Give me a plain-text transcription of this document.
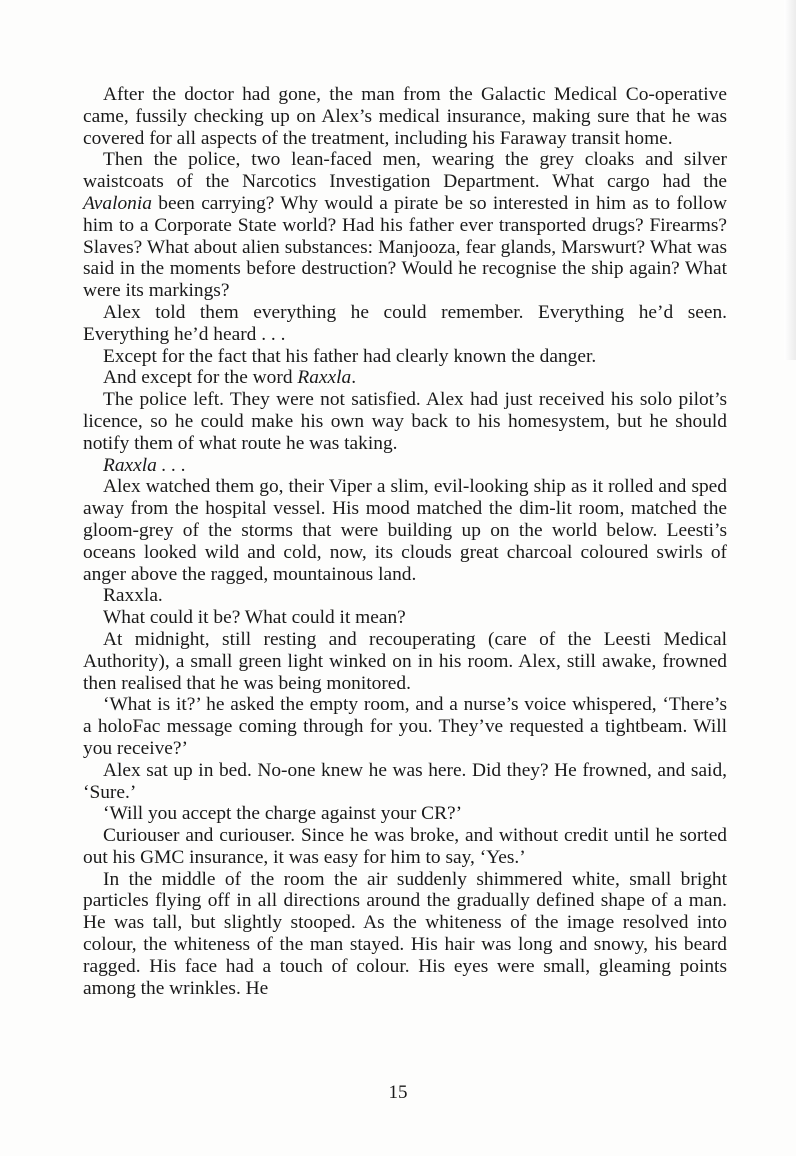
After the doctor had gone, the man from the Galactic Medical Co-operative came, fussily checking up on Alex’s medical insurance, making sure that he was covered for all aspects of the treatment, including his Faraway transit home.

Then the police, two lean-faced men, wearing the grey cloaks and silver waistcoats of the Narcotics Investigation Department. What cargo had the Avalonia been carrying? Why would a pirate be so interested in him as to follow him to a Corporate State world? Had his father ever transported drugs? Firearms? Slaves? What about alien substances: Manjooza, fear glands, Marswurt? What was said in the moments before destruction? Would he recognise the ship again? What were its markings?

Alex told them everything he could remember. Everything he’d seen. Everything he’d heard . . .

Except for the fact that his father had clearly known the danger.

And except for the word Raxxla.

The police left. They were not satisfied. Alex had just received his solo pilot’s licence, so he could make his own way back to his homesystem, but he should notify them of what route he was taking.

Raxxla . . .

Alex watched them go, their Viper a slim, evil-looking ship as it rolled and sped away from the hospital vessel. His mood matched the dim-lit room, matched the gloom-grey of the storms that were building up on the world below. Leesti’s oceans looked wild and cold, now, its clouds great charcoal coloured swirls of anger above the ragged, mountainous land.

Raxxla.

What could it be? What could it mean?

At midnight, still resting and recouperating (care of the Leesti Medical Authority), a small green light winked on in his room. Alex, still awake, frowned then realised that he was being monitored.

‘What is it?’ he asked the empty room, and a nurse’s voice whispered, ‘There’s a holoFac message coming through for you. They’ve requested a tightbeam. Will you receive?’

Alex sat up in bed. No-one knew he was here. Did they? He frowned, and said, ‘Sure.’

‘Will you accept the charge against your CR?’

Curiouser and curiouser. Since he was broke, and without credit until he sorted out his GMC insurance, it was easy for him to say, ‘Yes.’

In the middle of the room the air suddenly shimmered white, small bright particles flying off in all directions around the gradually defined shape of a man. He was tall, but slightly stooped. As the whiteness of the image resolved into colour, the whiteness of the man stayed. His hair was long and snowy, his beard ragged. His face had a touch of colour. His eyes were small, gleaming points among the wrinkles. He

15
